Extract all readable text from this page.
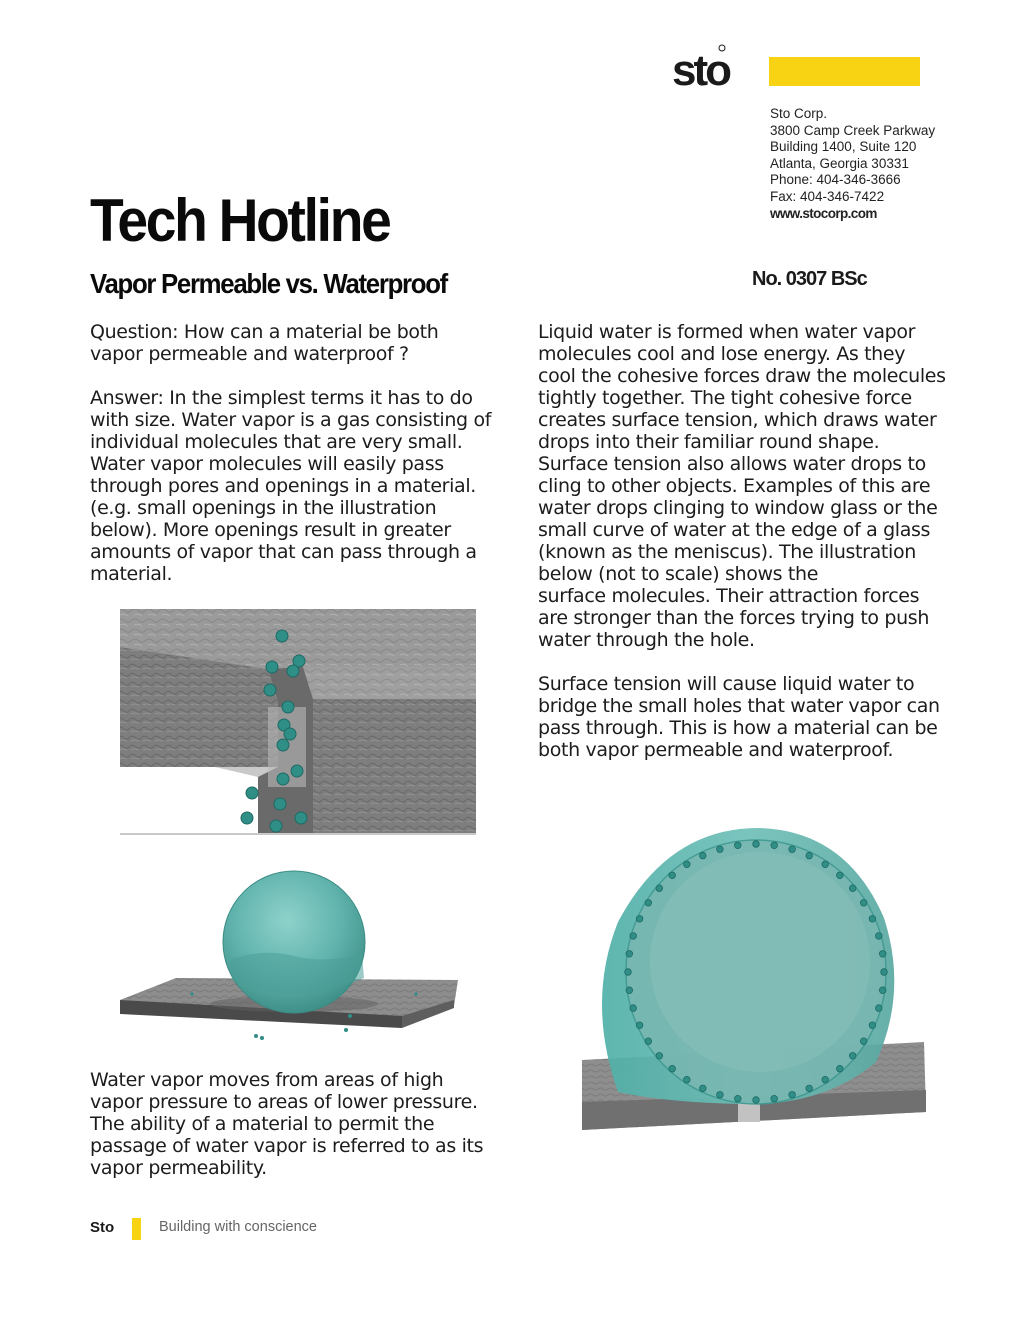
sto
Sto Corp.
3800 Camp Creek Parkway
Building 1400, Suite 120
Atlanta, Georgia 30331
Phone: 404-346-3666
Fax: 404-346-7422
www.stocorp.com
Tech Hotline
Vapor Permeable vs. Waterproof	No. 0307 BSc
Question: How can a material be both
vapor permeable and waterproof ?
Answer: In the simplest terms it has to do
with size. Water vapor is a gas consisting of
individual molecules that are very small.
Water vapor molecules will easily pass
through pores and openings in a material.
(e.g. small openings in the illustration
below). More openings result in greater
amounts of vapor that can pass through a
material.
Water vapor moves from areas of high
vapor pressure to areas of lower pressure.
The ability of a material to permit the
passage of water vapor is referred to as its
vapor permeability.
Liquid water is formed when water vapor
molecules cool and lose energy. As they
cool the cohesive forces draw the molecules
tightly together. The tight cohesive force
creates surface tension, which draws water
drops into their familiar round shape.
Surface tension also allows water drops to
cling to other objects. Examples of this are
water drops clinging to window glass or the
small curve of water at the edge of a glass
(known as the meniscus). The illustration
below (not to scale) shows the
surface molecules. Their attraction forces
are stronger than the forces trying to push
water through the hole.
Surface tension will cause liquid water to
bridge the small holes that water vapor can
pass through. This is how a material can be
both vapor permeable and waterproof.
Sto	Building with conscience
